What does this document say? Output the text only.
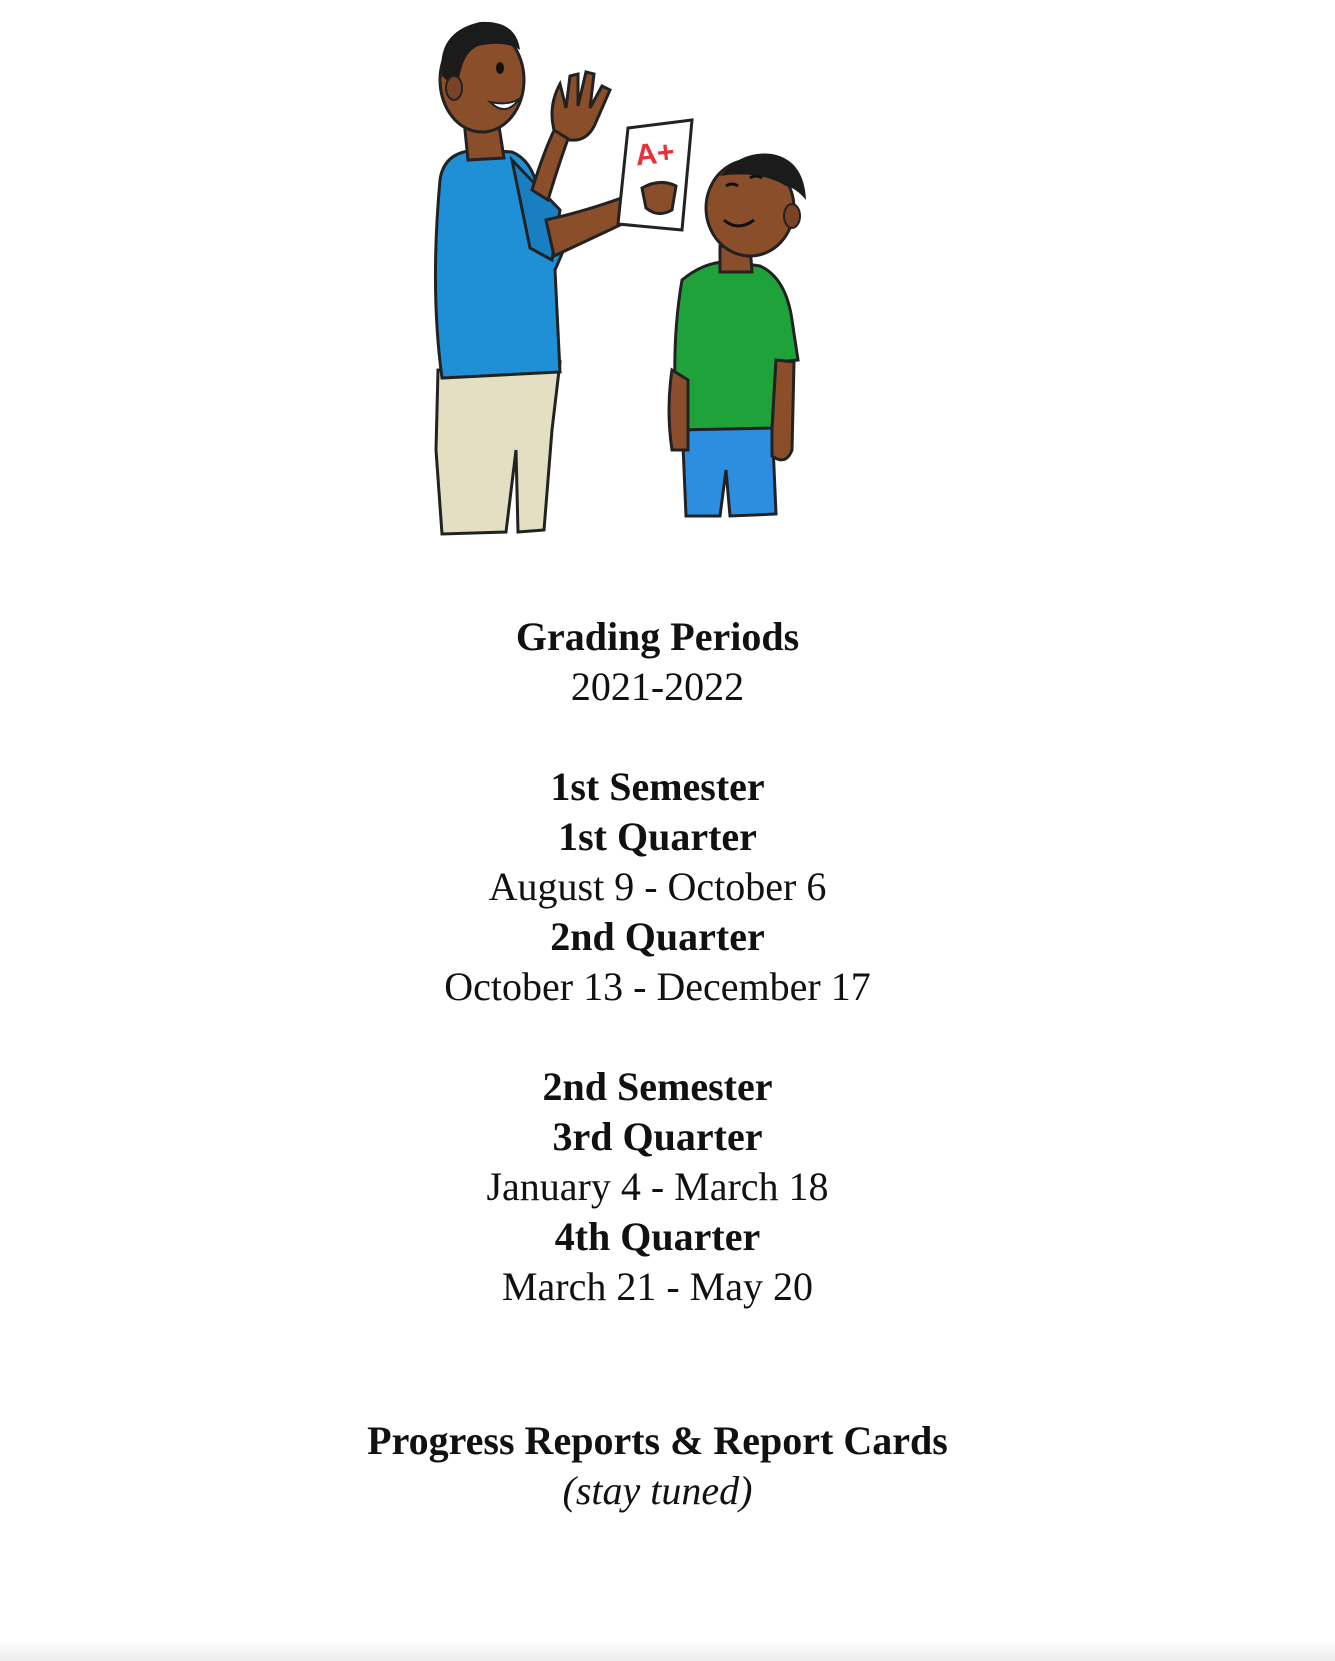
A+
Grading Periods
2021-2022
1st Semester
1st Quarter
August 9 - October 6
2nd Quarter
October 13 - December 17
2nd Semester
3rd Quarter
January 4 - March 18
4th Quarter
March 21 - May 20
Progress Reports & Report Cards
(stay tuned)
